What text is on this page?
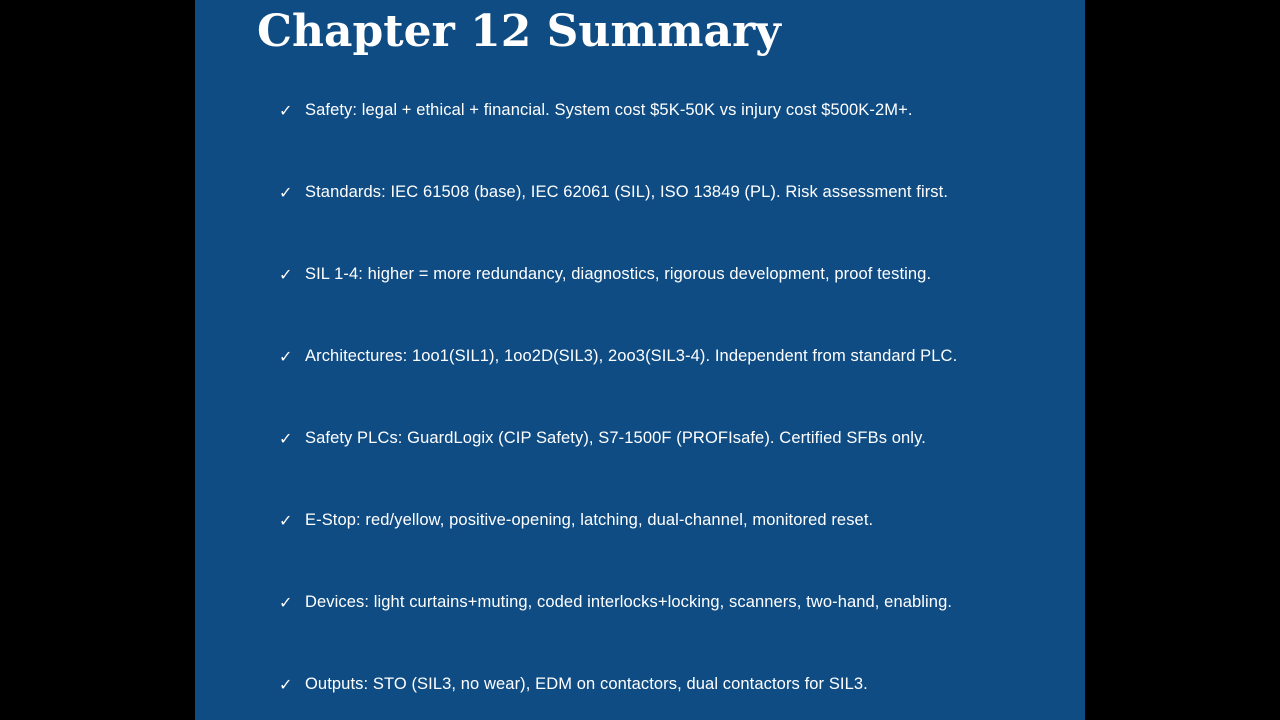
Chapter 12 Summary
✓ Safety: legal + ethical + financial. System cost $5K-50K vs injury cost $500K-2M+.
✓ Standards: IEC 61508 (base), IEC 62061 (SIL), ISO 13849 (PL). Risk assessment first.
✓ SIL 1-4: higher = more redundancy, diagnostics, rigorous development, proof testing.
✓ Architectures: 1oo1(SIL1), 1oo2D(SIL3), 2oo3(SIL3-4). Independent from standard PLC.
✓ Safety PLCs: GuardLogix (CIP Safety), S7-1500F (PROFIsafe). Certified SFBs only.
✓ E-Stop: red/yellow, positive-opening, latching, dual-channel, monitored reset.
✓ Devices: light curtains+muting, coded interlocks+locking, scanners, two-hand, enabling.
✓ Outputs: STO (SIL3, no wear), EDM on contactors, dual contactors for SIL3.
